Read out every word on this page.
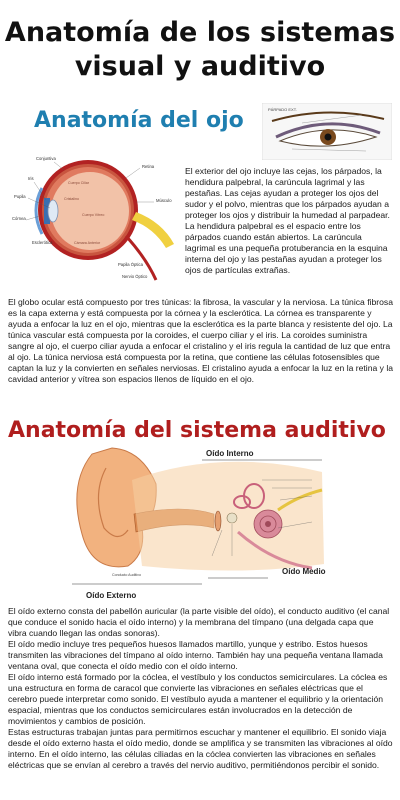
Anatomía de los sistemas visual y auditivo
Anatomía del ojo	PÁRPADO EXT.
Conjuntiva
Retina
Iris
Pupila
Córnea
Esclerótica
Músculo
Papila Óptica
Nervio Óptico
Cuerpo Ciliar
Cristalino
Cuerpo Vítreo
Cámara Anterior

El exterior del ojo incluye las cejas, los párpados, la hendidura palpebral, la carúncula lagrimal y las pestañas. Las cejas ayudan a proteger los ojos del sudor y el polvo, mientras que los párpados ayudan a proteger los ojos y distribuir la humedad al parpadear. La hendidura palpebral es el espacio entre los párpados cuando están abiertos. La carúncula lagrimal es una pequeña protuberancia en la esquina interna del ojo y las pestañas ayudan a proteger los ojos de partículas extrañas.

El globo ocular está compuesto por tres túnicas: la fibrosa, la vascular y la nerviosa. La túnica fibrosa es la capa externa y está compuesta por la córnea y la esclerótica. La córnea es transparente y ayuda a enfocar la luz en el ojo, mientras que la esclerótica es la parte blanca y resistente del ojo. La túnica vascular está compuesta por la coroides, el cuerpo ciliar y el iris. La coroides suministra sangre al ojo, el cuerpo ciliar ayuda a enfocar el cristalino y el iris regula la cantidad de luz que entra al ojo. La túnica nerviosa está compuesta por la retina, que contiene las células fotosensibles que captan la luz y la convierten en señales nerviosas. El cristalino ayuda a enfocar la luz en la retina y la cavidad anterior y vítrea son espacios llenos de líquido en el ojo.

Anatomía del sistema auditivo
Oído Interno
Oído Medio
Oído Externo
Conducto Auditivo
El oído externo consta del pabellón auricular (la parte visible del oído), el conducto auditivo (el canal que conduce el sonido hacia el oído interno) y la membrana del tímpano (una delgada capa que vibra cuando llegan las ondas sonoras).
El oído medio incluye tres pequeños huesos llamados martillo, yunque y estribo. Estos huesos transmiten las vibraciones del tímpano al oído interno. También hay una pequeña ventana llamada ventana oval, que conecta el oído medio con el oído interno.
El oído interno está formado por la cóclea, el vestíbulo y los conductos semicirculares. La cóclea es una estructura en forma de caracol que convierte las vibraciones en señales eléctricas que el cerebro puede interpretar como sonido. El vestíbulo ayuda a mantener el equilibrio y la orientación espacial, mientras que los conductos semicirculares están involucrados en la detección de movimientos y cambios de posición.
Estas estructuras trabajan juntas para permitirnos escuchar y mantener el equilibrio. El sonido viaja desde el oído externo hasta el oído medio, donde se amplifica y se transmiten las vibraciones al oído interno. En el oído interno, las células ciliadas en la cóclea convierten las vibraciones en señales eléctricas que se envían al cerebro a través del nervio auditivo, permitiéndonos percibir el sonido.
